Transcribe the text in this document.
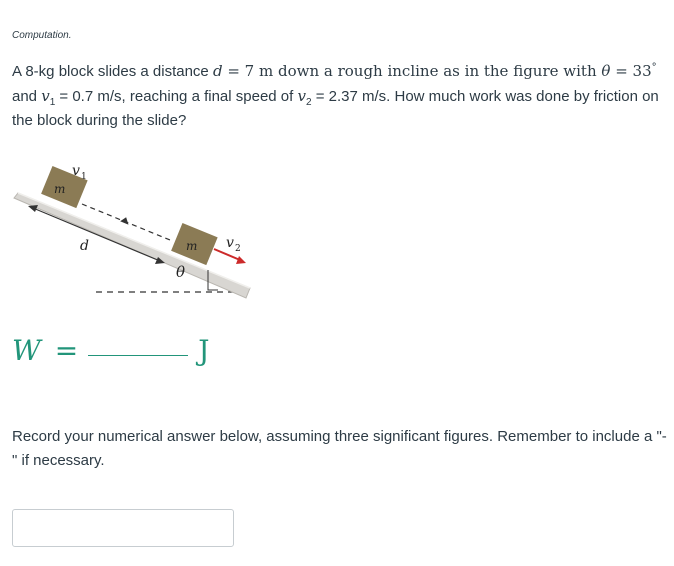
Computation.
A 8-kg block slides a distance d = 7 m down a rough incline as in the figure with θ = 33° and $v_1 = 0.7$ m/s, reaching a final speed of $v_2 = 2.37$ m/s. How much work was done by friction on the block during the slide?
m
m
v 1
v 2
d
θ
W =	J
Record your numerical answer below, assuming three significant figures. Remember to include a "-" if necessary.
